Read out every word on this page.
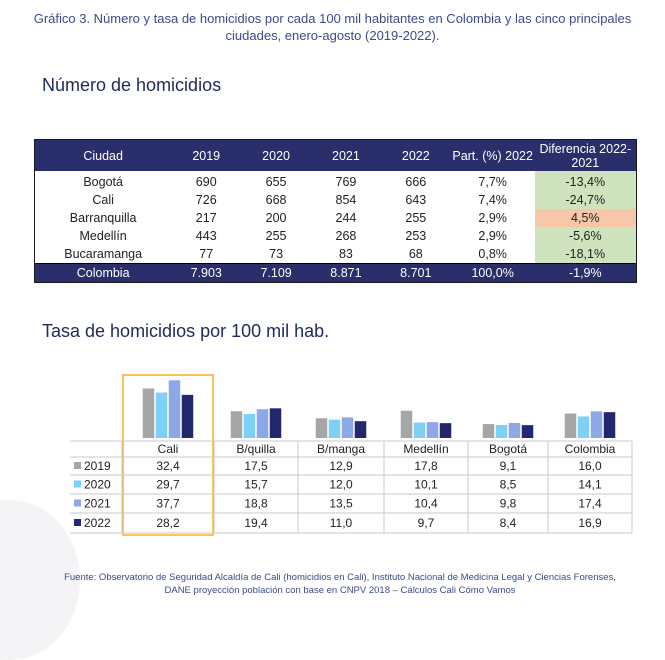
Gráfico 3. Número y tasa de homicidios por cada 100 mil habitantes en Colombia y las cinco principales ciudades, enero-agosto (2019-2022).
Número de homicidios
Ciudad	2019	2020	2021	2022	Part. (%) 2022	Diferencia 2022-2021
Bogotá	690	655	769	666	7,7%	-13,4%
Cali	726	668	854	643	7,4%	-24,7%
Barranquilla	217	200	244	255	2,9%	4,5%
Medellín	443	255	268	253	2,9%	-5,6%
Bucaramanga	77	73	83	68	0,8%	-18,1%
Colombia	7.903	7.109	8.871	8.701	100,0%	-1,9%
Tasa de homicidios por 100 mil hab.
Cali	B/quilla	B/manga	Medellín	Bogotá	Colombia
2019	32,4	17,5	12,9	17,8	9,1	16,0
2020	29,7	15,7	12,0	10,1	8,5	14,1
2021	37,7	18,8	13,5	10,4	9,8	17,4
2022	28,2	19,4	11,0	9,7	8,4	16,9
Fuente: Observatorio de Seguridad Alcaldía de Cali (homicidios en Cali), Instituto Nacional de Medicina Legal y Ciencias Forenses, DANE proyección población con base en CNPV 2018 – Cálculos Cali Cómo Vamos
